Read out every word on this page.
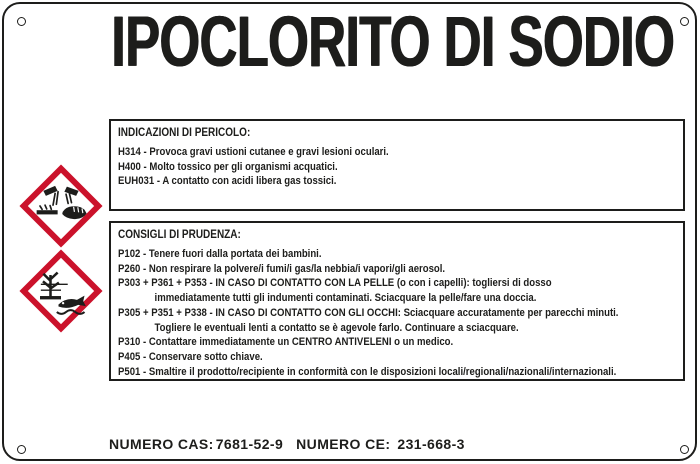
IPOCLORITO DI SODIO
INDICAZIONI DI PERICOLO:
H314 - Provoca gravi ustioni cutanee e gravi lesioni oculari.
H400 - Molto tossico per gli organismi acquatici.
EUH031 - A contatto con acidi libera gas tossici.
CONSIGLI DI PRUDENZA:
P102 - Tenere fuori dalla portata dei bambini.
P260 - Non respirare la polvere/i fumi/i gas/la nebbia/i vapori/gli aerosol.
P303 + P361 + P353 - IN CASO DI CONTATTO CON LA PELLE (o con i capelli): togliersi di dosso
immediatamente tutti gli indumenti contaminati. Sciacquare la pelle/fare una doccia.
P305 + P351 + P338 - IN CASO DI CONTATTO CON GLI OCCHI: Sciacquare accuratamente per parecchi minuti.
Togliere le eventuali lenti a contatto se è agevole farlo. Continuare a sciacquare.
P310 - Contattare immediatamente un CENTRO ANTIVELENI o un medico.
P405 - Conservare sotto chiave.
P501 - Smaltire il prodotto/recipiente in conformità con le disposizioni locali/regionali/nazionali/internazionali.
NUMERO CAS: 7681-52-9 NUMERO CE: 231-668-3
